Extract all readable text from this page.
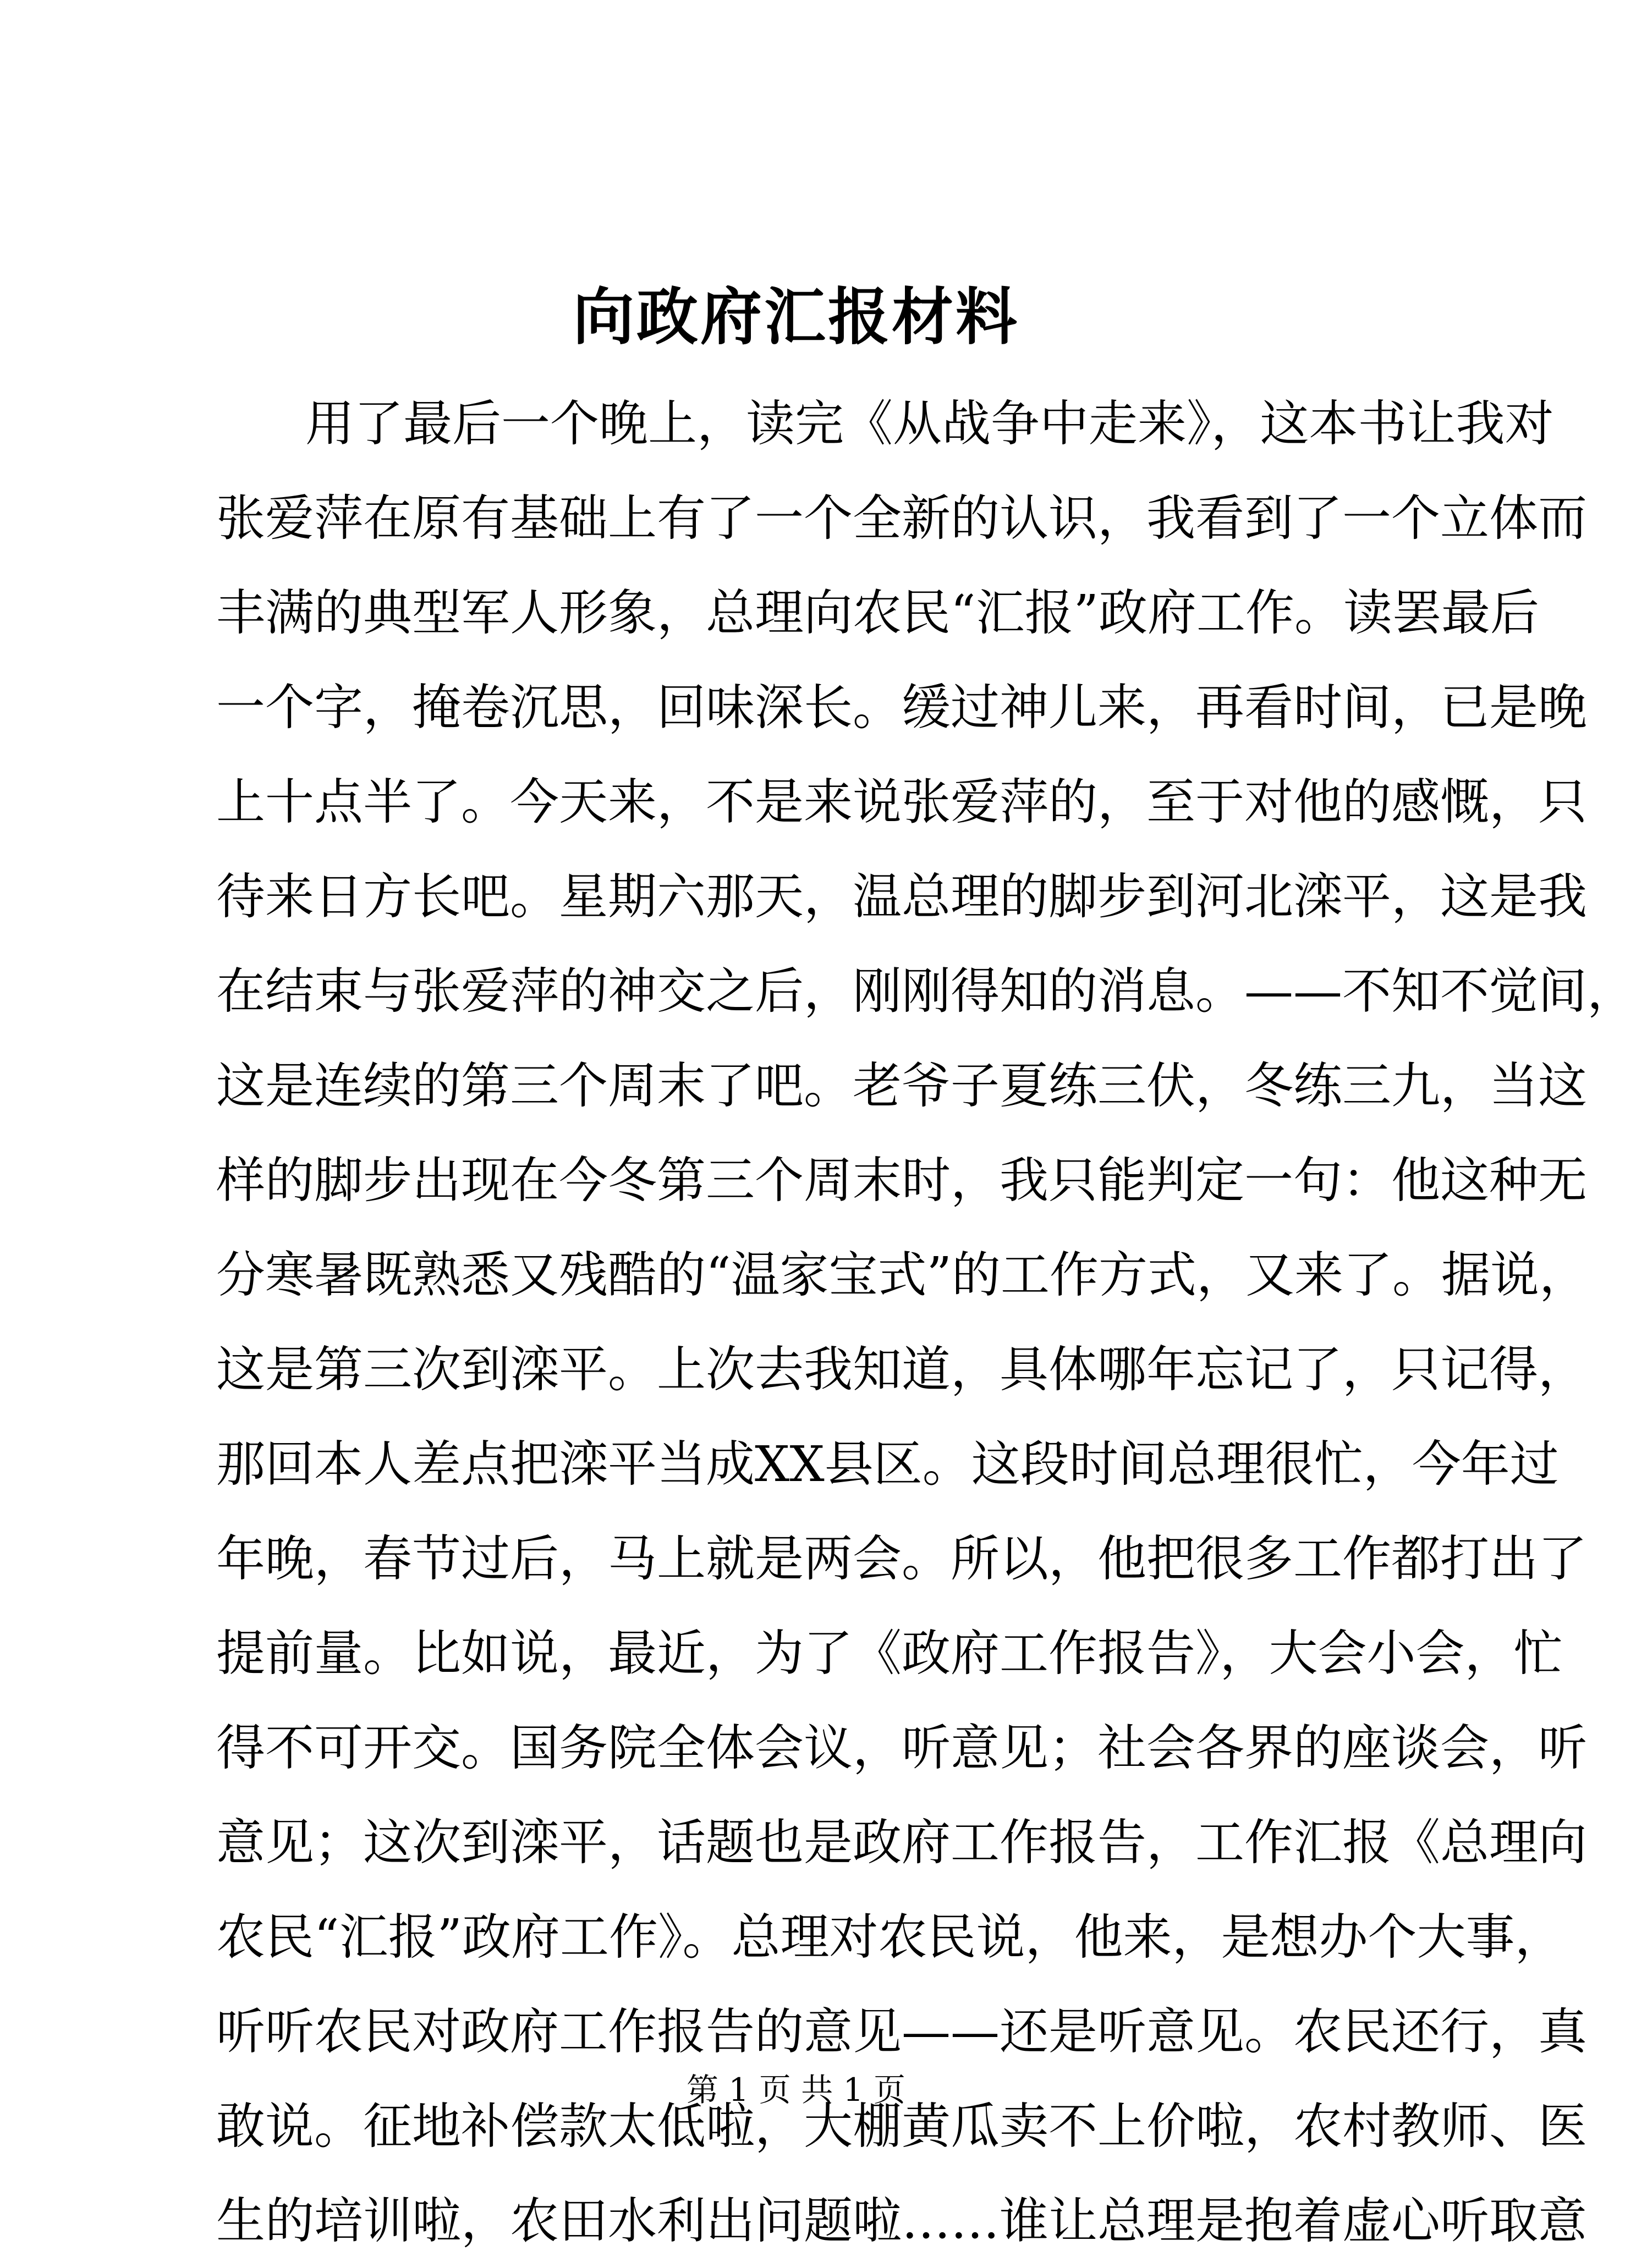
向政府汇报材料
用了最后一个晚上，读完《从战争中走来》，这本书让我对
张爱萍在原有基础上有了一个全新的认识，我看到了一个立体而
丰满的典型军人形象，总理向农民“汇报”政府工作。读罢最后
一个字，掩卷沉思，回味深长。缓过神儿来，再看时间，已是晚
上十点半了。今天来，不是来说张爱萍的，至于对他的感慨，只
待来日方长吧。星期六那天，温总理的脚步到河北滦平，这是我
在结束与张爱萍的神交之后，刚刚得知的消息。——不知不觉间，
这是连续的第三个周末了吧。老爷子夏练三伏，冬练三九，当这
样的脚步出现在今冬第三个周末时，我只能判定一句：他这种无
分寒暑既熟悉又残酷的“温家宝式”的工作方式，又来了。据说，
这是第三次到滦平。上次去我知道，具体哪年忘记了，只记得，
那回本人差点把滦平当成XX县区。这段时间总理很忙，今年过
年晚，春节过后，马上就是两会。所以，他把很多工作都打出了
提前量。比如说，最近，为了《政府工作报告》，大会小会，忙
得不可开交。国务院全体会议，听意见；社会各界的座谈会，听
意见；这次到滦平，话题也是政府工作报告，工作汇报《总理向
农民“汇报”政府工作》。总理对农民说，他来，是想办个大事，
听听农民对政府工作报告的意见——还是听意见。农民还行，真
敢说。征地补偿款太低啦，大棚黄瓜卖不上价啦，农村教师、医
生的培训啦，农田水利出问题啦……谁让总理是抱着虚心听取意
第 1 页 共 1 页
